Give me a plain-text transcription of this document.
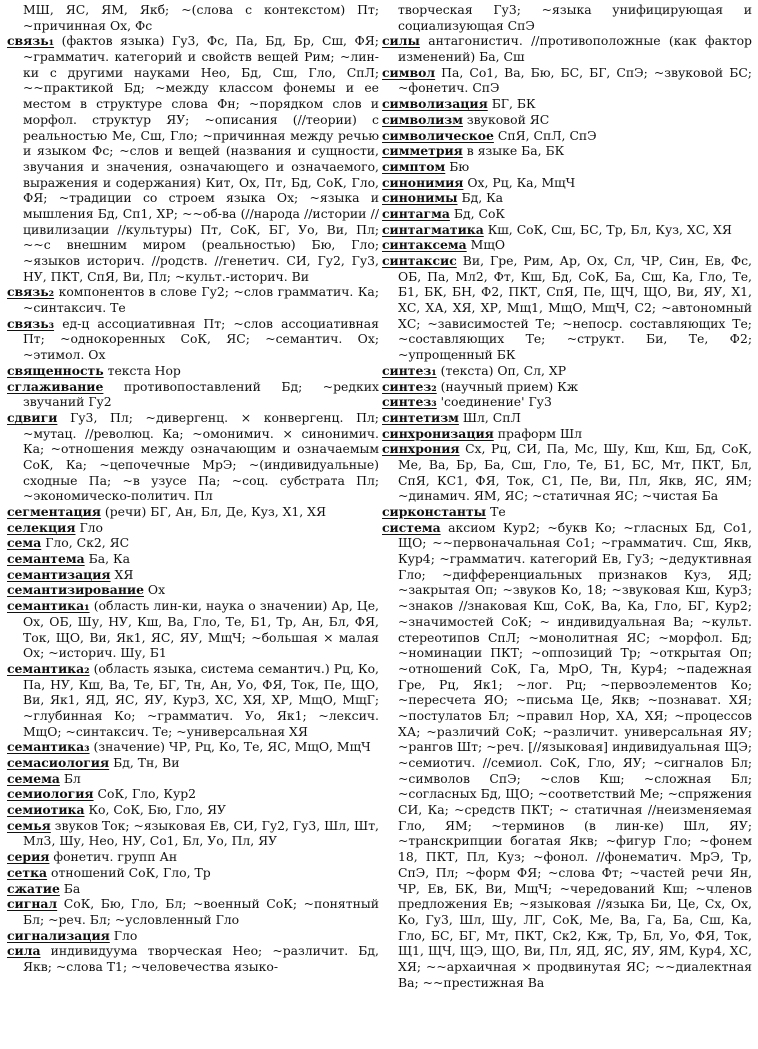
МШ, ЯС, ЯМ, Якб; ~(слова с контекстом) Пт; ~причинная Ох, Фс

связь₁ (фактов языка) Гу3, Фс, Па, Бд, Бр, Сш, ФЯ; ~грамматич. категорий и свойств вещей Рим; ~лин-ки с другими науками Нео, Бд, Сш, Гло, СпЛ; ~~практикой Бд; ~между классом фонемы и ее местом в структуре слова Фн; ~порядком слов и морфол. структур ЯУ; ~описания (//теории) с реальностью Ме, Сш, Гло; ~причинная между речью и языком Фс; ~слов и вещей (названия и сущности, звучания и значения, означающего и означаемого, выражения и содержания) Кит, Ох, Пт, Бд, СоК, Гло, ФЯ; ~традиции со строем языка Ох; ~языка и мышления Бд, Сп1, ХР; ~~об-ва (//народа //истории //цивилизации //культуры) Пт, СоК, БГ, Уо, Ви, Пл; ~~с внешним миром (реальностью) Бю, Гло; ~языков историч. //родств. //генетич. СИ, Гу2, Гу3, НУ, ПКТ, СпЯ, Ви, Пл; ~культ.-историч. Ви

связь₂ компонентов в слове Гу2; ~слов грамматич. Ка; ~синтаксич. Те

связь₃ ед-ц ассоциативная Пт; ~слов ассоциативная Пт; ~однокоренных СоК, ЯС; ~семантич. Ох; ~этимол. Ох

священность текста Нор

сглаживание противопоставлений Бд; ~редких звучаний Гу2

сдвиги Гу3, Пл; ~дивергенц. × конвергенц. Пл; ~мутац. //революц. Ка; ~омонимич. × синонимич. Ка; ~отношения между означающим и означаемым СоК, Ка; ~цепочечные МрЭ; ~(индивидуальные) сходные Па; ~в узусе Па; ~соц. субстрата Пл; ~экономическо-политич. Пл

сегментация (речи) БГ, Ан, Бл, Де, Куз, Х1, ХЯ

селекция Гло

сема Гло, Ск2, ЯС

семантема Ба, Ка

семантизация ХЯ

семантизирование Ох

семантика₁ (область лин-ки, наука о значении) Ар, Це, Ох, ОБ, Шу, НУ, Кш, Ва, Гло, Те, Б1, Тр, Ан, Бл, ФЯ, Ток, ЩО, Ви, Як1, ЯС, ЯУ, МщЧ; ~большая × малая Ох; ~историч. Шу, Б1

семантика₂ (область языка, система семантич.) Рц, Ко, Па, НУ, Кш, Ва, Те, БГ, Тн, Ан, Уо, ФЯ, Ток, Пе, ЩО, Ви, Як1, ЯД, ЯС, ЯУ, Кур3, ХС, ХЯ, ХР, МщО, МщГ; ~глубинная Ко; ~грамматич. Уо, Як1; ~лексич. МщО; ~синтаксич. Те; ~универсальная ХЯ

семантика₃ (значение) ЧР, Рц, Ко, Те, ЯС, МщО, МщЧ

семасиология Бд, Тн, Ви

семема Бл

семиология СоК, Гло, Кур2

семиотика Ко, СоК, Бю, Гло, ЯУ

семья звуков Ток; ~языковая Ев, СИ, Гу2, Гу3, Шл, Шт, Мл3, Шу, Нео, НУ, Со1, Бл, Уо, Пл, ЯУ

серия фонетич. групп Ан

сетка отношений СоК, Гло, Тр

сжатие Ба

сигнал СоК, Бю, Гло, Бл; ~военный СоК; ~понятный Бл; ~реч. Бл; ~условленный Гло

сигнализация Гло

сила индивидуума творческая Нео; ~различит. Бд, Якв; ~слова Т1; ~человечества языко-

творческая Гу3; ~языка унифицирующая и социализующая СпЭ

силы антагонистич. //противоположные (как фактор изменений) Ба, Сш

символ Па, Со1, Ва, Бю, БС, БГ, СпЭ; ~звуковой БС; ~фонетич. СпЭ

символизация БГ, БК

символизм звуковой ЯС

символическое СпЯ, СпЛ, СпЭ

симметрия в языке Ба, БК

симптом Бю

синонимия Ох, Рц, Ка, МщЧ

синонимы Бд, Ка

синтагма Бд, СоК

синтагматика Кш, СоК, Сш, БС, Тр, Бл, Куз, ХС, ХЯ

синтаксема МщО

синтаксис Ви, Гре, Рим, Ар, Ох, Сл, ЧР, Син, Ев, Фс, ОБ, Па, Мл2, Фт, Кш, Бд, СоК, Ба, Сш, Ка, Гло, Те, Б1, БК, БН, Ф2, ПКТ, СпЯ, Пе, ЩЧ, ЩО, Ви, ЯУ, Х1, ХС, ХА, ХЯ, ХР, Мщ1, МщО, МщЧ, С2; ~автономный ХС; ~зависимостей Те; ~непоср. составляющих Те; ~составляющих Те; ~структ. Би, Те, Ф2; ~упрощенный БК

синтез₁ (текста) Оп, Сл, ХР

синтез₂ (научный прием) Кж

синтез₃ 'соединение' Гу3

синтетизм Шл, СпЛ

синхронизация праформ Шл

синхрония Сх, Рц, СИ, Па, Мс, Шу, Кш, Кш, Бд, СоК, Ме, Ва, Бр, Ба, Сш, Гло, Те, Б1, БС, Мт, ПКТ, Бл, СпЯ, КС1, ФЯ, Ток, С1, Пе, Ви, Пл, Якв, ЯС, ЯМ; ~динамич. ЯМ, ЯС; ~статичная ЯС; ~чистая Ба

сирконстанты Те

система аксиом Кур2; ~букв Ко; ~гласных Бд, Со1, ЩО; ~~первоначальная Со1; ~грамматич. Сш, Якв, Кур4; ~грамматич. категорий Ев, Гу3; ~дедуктивная Гло; ~дифференциальных признаков Куз, ЯД; ~закрытая Оп; ~звуков Ко, 18; ~звуковая Кш, Кур3; ~знаков //знаковая Кш, СоК, Ва, Ка, Гло, БГ, Кур2; ~значимостей СоК; ~ индивидуальная Ва; ~культ. стереотипов СпЛ; ~монолитная ЯС; ~морфол. Бд; ~номинации ПКТ; ~оппозиций Тр; ~открытая Оп; ~отношений СоК, Га, МрО, Тн, Кур4; ~падежная Гре, Рц, Як1; ~лог. Рц; ~первоэлементов Ко; ~пересчета ЯО; ~письма Це, Якв; ~познават. ХЯ; ~постулатов Бл; ~правил Нор, ХА, ХЯ; ~процессов ХА; ~различий СоК; ~различит. универсальная ЯУ; ~рангов Шт; ~реч. [//языковая] индивидуальная ЩЭ; ~семиотич. //семиол. СоК, Гло, ЯУ; ~сигналов Бл; ~символов СпЭ; ~слов Кш; ~сложная Бл; ~согласных Бд, ЩО; ~соответствий Ме; ~спряжения СИ, Ка; ~средств ПКТ; ~ статичная //неизменяемая Гло, ЯМ; ~терминов (в лин-ке) Шл, ЯУ; ~транскрипции богатая Якв; ~фигур Гло; ~фонем 18, ПКТ, Пл, Куз; ~фонол. //фонематич. МрЭ, Тр, СпЭ, Пл; ~форм ФЯ; ~слова Фт; ~частей речи Ян, ЧР, Ев, БК, Ви, МщЧ; ~чередований Кш; ~членов предложения Ев; ~языковая //языка Би, Це, Сх, Ох, Ко, Гу3, Шл, Шу, ЛГ, СоК, Ме, Ва, Га, Ба, Сш, Ка, Гло, БС, БГ, Мт, ПКТ, Ск2, Кж, Тр, Бл, Уо, ФЯ, Ток, Щ1, ЩЧ, ЩЭ, ЩО, Ви, Пл, ЯД, ЯС, ЯУ, ЯМ, Кур4, ХС, ХЯ; ~~архаичная × продвинутая ЯС; ~~диалектная Ва; ~~престижная Ва
